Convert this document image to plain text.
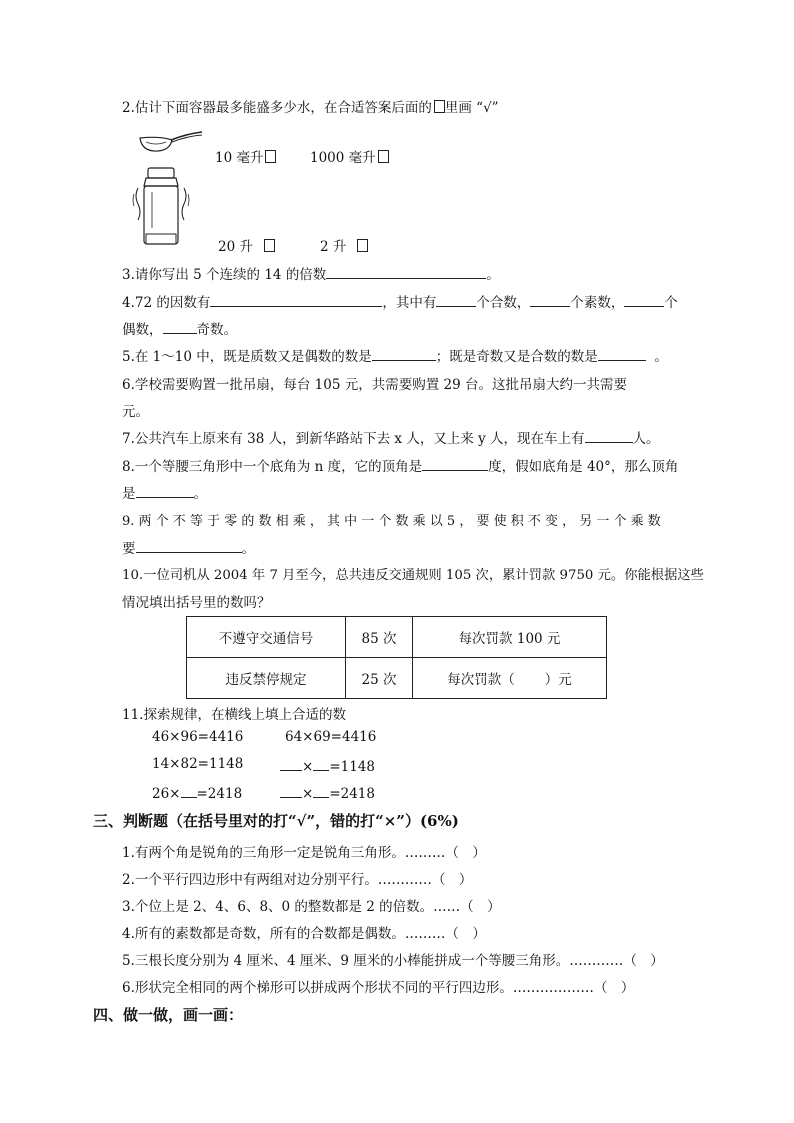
2.估计下面容器最多能盛多少水，在合适答案后面的 里画 “√”
10 毫升	1000 毫升
20 升	2 升
3.请你写出 5 个连续的 14 的倍数	。
4.72 的因数有	，其中有	个合数，	个素数，	个
偶数，	奇数。
5.在 1～10 中，既是质数又是偶数的数是	；既是奇数又是合数的数是	。
6.学校需要购置一批吊扇，每台 105 元，共需要购置 29 台。这批吊扇大约一共需要
元。
7.公共汽车上原来有 38 人，到新华路站下去 x 人，又上来 y 人，现在车上有	人。
8.一个等腰三角形中一个底角为 n 度，它的顶角是	度，假如底角是 40°，那么顶角
是	。
9. 两 个 不 等 于 零 的 数 相 乘 ， 其 中 一 个 数 乘 以 5 ， 要 使 积 不 变 ， 另 一 个 乘 数
要	。
10.一位司机从 2004 年 7 月至今，总共违反交通规则 105 次，累计罚款 9750 元。你能根据这些
情况填出括号里的数吗？
不遵守交通信号	85 次	每次罚款 100 元
违反禁停规定	25 次	每次罚款（ ）元
11.探索规律，在横线上填上合适的数
46×96=4416	64×69=4416
14×82=1148	× =1148
26× =2418	× =2418
三、判断题（在括号里对的打“√”，错的打“×”）(6%)
1.有两个角是锐角的三角形一定是锐角三角形。………（　）
2.一个平行四边形中有两组对边分别平行。…………（　）
3.个位上是 2、4、6、8、0 的整数都是 2 的倍数。……（　）
4.所有的素数都是奇数，所有的合数都是偶数。………（　）
5.三根长度分别为 4 厘米、4 厘米、9 厘米的小棒能拼成一个等腰三角形。…………（　）
6.形状完全相同的两个梯形可以拼成两个形状不同的平行四边形。………………（　）
四、做一做，画一画：
